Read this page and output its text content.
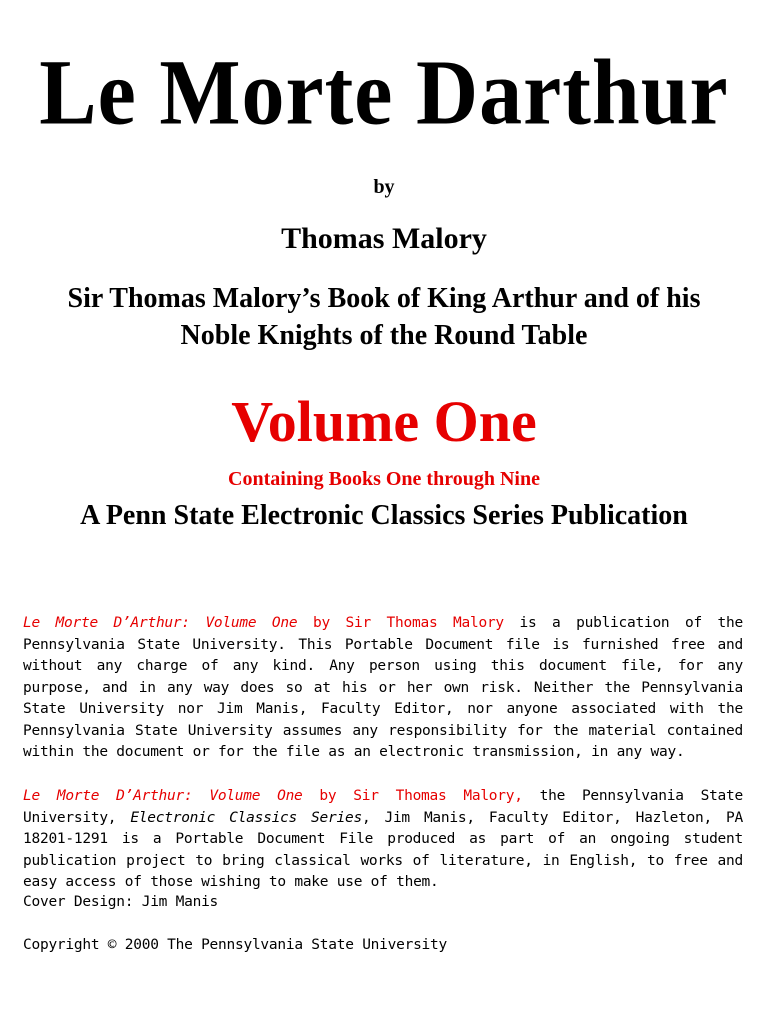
Le Morte Darthur
by
Thomas Malory
Sir Thomas Malory’s Book of King Arthur and of his
Noble Knights of the Round Table
Volume One
Containing Books One through Nine
A Penn State Electronic Classics Series Publication
Le Morte D’Arthur: Volume One by Sir Thomas Malory is a publication of the Pennsylvania State University. This Portable Document file is furnished free and without any charge of any kind. Any person using this document file, for any purpose, and in any way does so at his or her own risk. Neither the Pennsylvania State University nor Jim Manis, Faculty Editor, nor anyone associated with the Pennsylvania State University assumes any responsibility for the material contained within the document or for the file as an electronic transmission, in any way.
Le Morte D’Arthur: Volume One by Sir Thomas Malory, the Pennsylvania State University, Electronic Classics Series, Jim Manis, Faculty Editor, Hazleton, PA 18201-1291 is a Portable Document File produced as part of an ongoing student publication project to bring classical works of literature, in English, to free and easy access of those wishing to make use of them.
Cover Design: Jim Manis
Copyright © 2000 The Pennsylvania State University
